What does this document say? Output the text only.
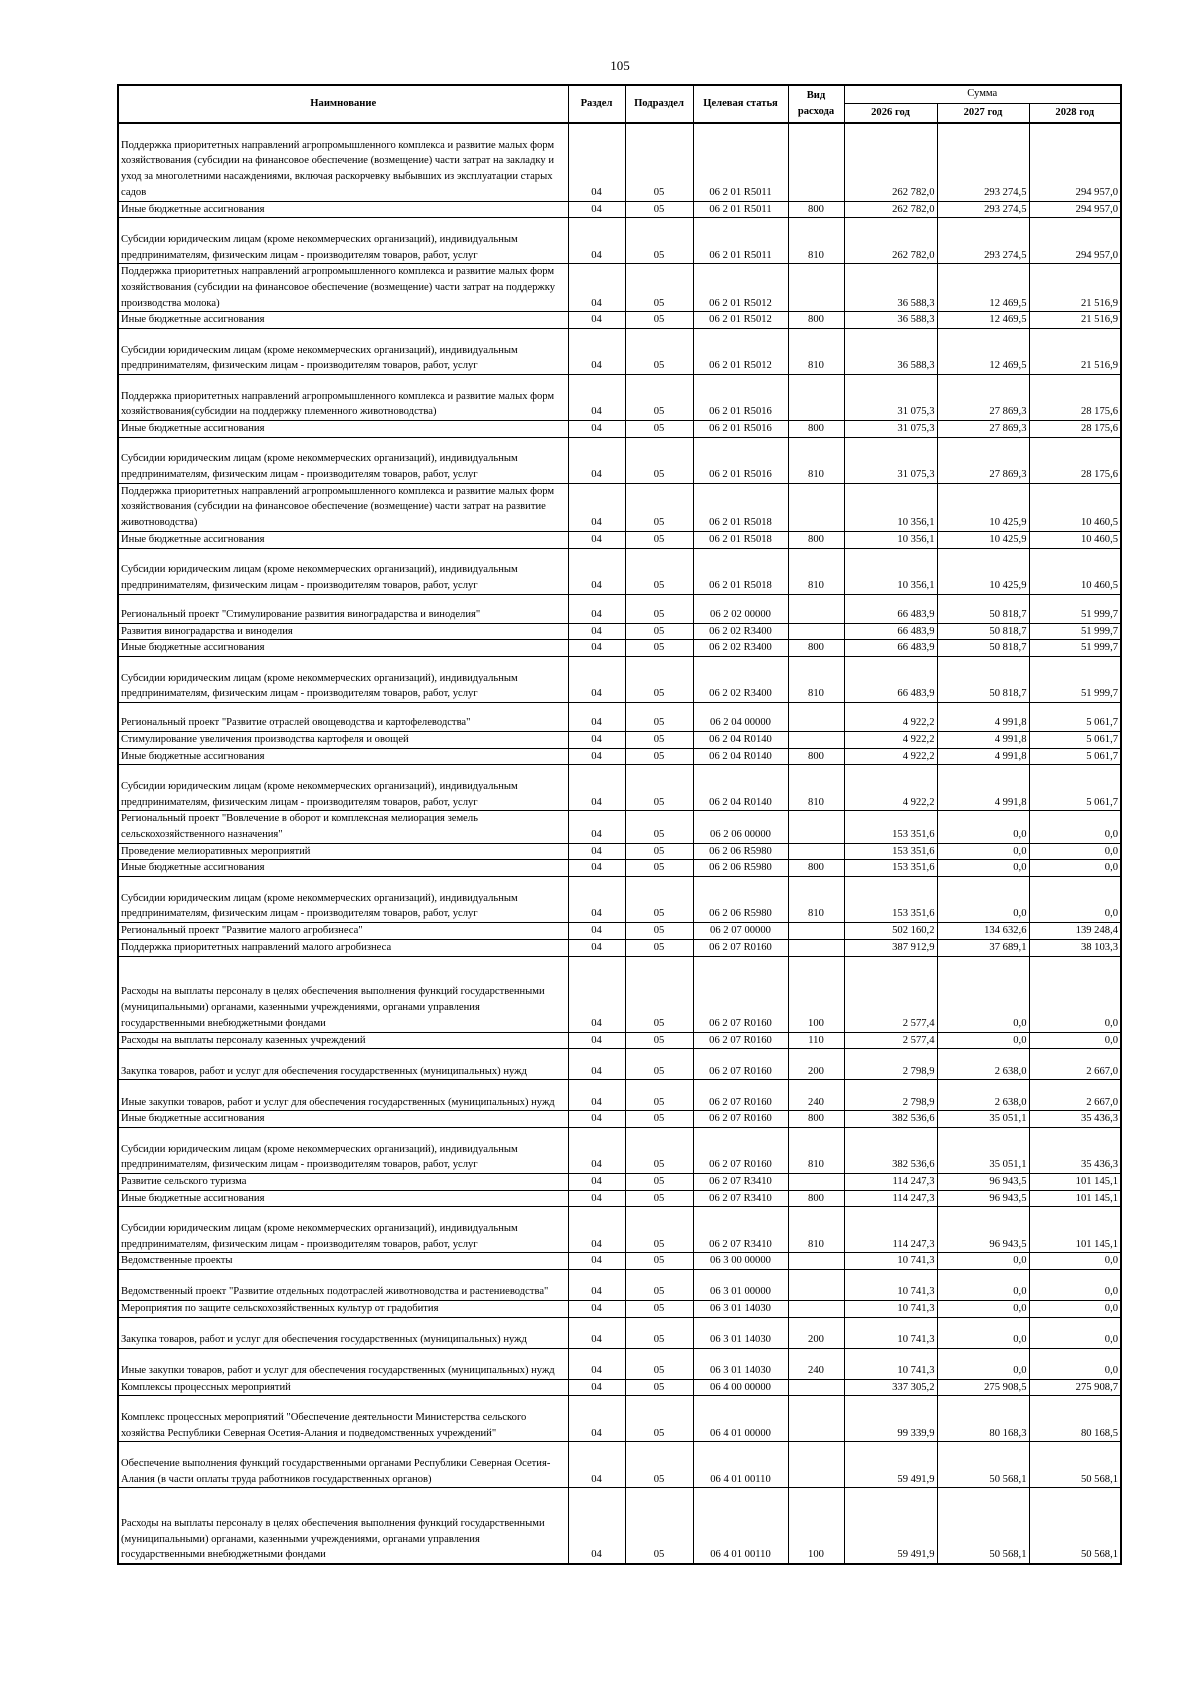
105
Наимнование	Раздел	Подраздел	Целевая статья	Вид расхода	Сумма		
					2026 год	2027 год	2028 год
Поддержка приоритетных направлений агропромышленного комплекса и развитие малых форм хозяйствования (субсидии на финансовое обеспечение (возмещение) части затрат на закладку и уход за многолетними насаждениями, включая раскорчевку выбывших из эксплуатации старых садов	04	05	06 2 01 R5011		262 782,0	293 274,5	294 957,0
Иные бюджетные ассигнования	04	05	06 2 01 R5011	800	262 782,0	293 274,5	294 957,0
Субсидии юридическим лицам (кроме некоммерческих организаций), индивидуальным предпринимателям, физическим лицам - производителям товаров, работ, услуг	04	05	06 2 01 R5011	810	262 782,0	293 274,5	294 957,0
Поддержка приоритетных направлений агропромышленного комплекса и развитие малых форм хозяйствования (субсидии на финансовое обеспечение (возмещение) части затрат на поддержку производства молока)	04	05	06 2 01 R5012		36 588,3	12 469,5	21 516,9
Иные бюджетные ассигнования	04	05	06 2 01 R5012	800	36 588,3	12 469,5	21 516,9
Субсидии юридическим лицам (кроме некоммерческих организаций), индивидуальным предпринимателям, физическим лицам - производителям товаров, работ, услуг	04	05	06 2 01 R5012	810	36 588,3	12 469,5	21 516,9
Поддержка приоритетных направлений агропромышленного комплекса и развитие малых форм хозяйствования(субсидии на поддержку племенного животноводства)	04	05	06 2 01 R5016		31 075,3	27 869,3	28 175,6
Иные бюджетные ассигнования	04	05	06 2 01 R5016	800	31 075,3	27 869,3	28 175,6
Субсидии юридическим лицам (кроме некоммерческих организаций), индивидуальным предпринимателям, физическим лицам - производителям товаров, работ, услуг	04	05	06 2 01 R5016	810	31 075,3	27 869,3	28 175,6
Поддержка приоритетных направлений агропромышленного комплекса и развитие малых форм хозяйствования (субсидии на финансовое обеспечение (возмещение) части затрат на развитие животноводства)	04	05	06 2 01 R5018		10 356,1	10 425,9	10 460,5
Иные бюджетные ассигнования	04	05	06 2 01 R5018	800	10 356,1	10 425,9	10 460,5
Субсидии юридическим лицам (кроме некоммерческих организаций), индивидуальным предпринимателям, физическим лицам - производителям товаров, работ, услуг	04	05	06 2 01 R5018	810	10 356,1	10 425,9	10 460,5
Региональный проект "Стимулирование развития виноградарства и виноделия"	04	05	06 2 02 00000		66 483,9	50 818,7	51 999,7
Развития виноградарства и виноделия	04	05	06 2 02 R3400		66 483,9	50 818,7	51 999,7
Иные бюджетные ассигнования	04	05	06 2 02 R3400	800	66 483,9	50 818,7	51 999,7
Субсидии юридическим лицам (кроме некоммерческих организаций), индивидуальным предпринимателям, физическим лицам - производителям товаров, работ, услуг	04	05	06 2 02 R3400	810	66 483,9	50 818,7	51 999,7
Региональный проект "Развитие отраслей овощеводства и картофелеводства"	04	05	06 2 04 00000		4 922,2	4 991,8	5 061,7
Стимулирование увеличения производства картофеля и овощей	04	05	06 2 04 R0140		4 922,2	4 991,8	5 061,7
Иные бюджетные ассигнования	04	05	06 2 04 R0140	800	4 922,2	4 991,8	5 061,7
Субсидии юридическим лицам (кроме некоммерческих организаций), индивидуальным предпринимателям, физическим лицам - производителям товаров, работ, услуг	04	05	06 2 04 R0140	810	4 922,2	4 991,8	5 061,7
Региональный проект "Вовлечение в оборот и комплексная мелиорация земель сельскохозяйственного назначения"	04	05	06 2 06 00000		153 351,6	0,0	0,0
Проведение мелиоративных мероприятий	04	05	06 2 06 R5980		153 351,6	0,0	0,0
Иные бюджетные ассигнования	04	05	06 2 06 R5980	800	153 351,6	0,0	0,0
Субсидии юридическим лицам (кроме некоммерческих организаций), индивидуальным предпринимателям, физическим лицам - производителям товаров, работ, услуг	04	05	06 2 06 R5980	810	153 351,6	0,0	0,0
Региональный проект "Развитие малого агробизнеса"	04	05	06 2 07 00000		502 160,2	134 632,6	139 248,4
Поддержка приоритетных направлений малого агробизнеса	04	05	06 2 07 R0160		387 912,9	37 689,1	38 103,3
Расходы на выплаты персоналу в целях обеспечения выполнения функций государственными (муниципальными) органами, казенными учреждениями, органами управления государственными внебюджетными фондами	04	05	06 2 07 R0160	100	2 577,4	0,0	0,0
Расходы на выплаты персоналу казенных учреждений	04	05	06 2 07 R0160	110	2 577,4	0,0	0,0
Закупка товаров, работ и услуг для обеспечения государственных (муниципальных) нужд	04	05	06 2 07 R0160	200	2 798,9	2 638,0	2 667,0
Иные закупки товаров, работ и услуг для обеспечения государственных (муниципальных) нужд	04	05	06 2 07 R0160	240	2 798,9	2 638,0	2 667,0
Иные бюджетные ассигнования	04	05	06 2 07 R0160	800	382 536,6	35 051,1	35 436,3
Субсидии юридическим лицам (кроме некоммерческих организаций), индивидуальным предпринимателям, физическим лицам - производителям товаров, работ, услуг	04	05	06 2 07 R0160	810	382 536,6	35 051,1	35 436,3
Развитие сельского туризма	04	05	06 2 07 R3410		114 247,3	96 943,5	101 145,1
Иные бюджетные ассигнования	04	05	06 2 07 R3410	800	114 247,3	96 943,5	101 145,1
Субсидии юридическим лицам (кроме некоммерческих организаций), индивидуальным предпринимателям, физическим лицам - производителям товаров, работ, услуг	04	05	06 2 07 R3410	810	114 247,3	96 943,5	101 145,1
Ведомственные проекты	04	05	06 3 00 00000		10 741,3	0,0	0,0
Ведомственный проект "Развитие отдельных подотраслей животноводства и растениеводства"	04	05	06 3 01 00000		10 741,3	0,0	0,0
Мероприятия по защите сельскохозяйственных культур от градобития	04	05	06 3 01 14030		10 741,3	0,0	0,0
Закупка товаров, работ и услуг для обеспечения государственных (муниципальных) нужд	04	05	06 3 01 14030	200	10 741,3	0,0	0,0
Иные закупки товаров, работ и услуг для обеспечения государственных (муниципальных) нужд	04	05	06 3 01 14030	240	10 741,3	0,0	0,0
Комплексы процессных мероприятий	04	05	06 4 00 00000		337 305,2	275 908,5	275 908,7
Комплекс процессных мероприятий "Обеспечение деятельности Министерства сельского хозяйства Республики Северная Осетия-Алания и подведомственных учреждений"	04	05	06 4 01 00000		99 339,9	80 168,3	80 168,5
Обеспечение выполнения функций государственными органами Республики Северная Осетия-Алания (в части оплаты труда работников государственных органов)	04	05	06 4 01 00110		59 491,9	50 568,1	50 568,1
Расходы на выплаты персоналу в целях обеспечения выполнения функций государственными (муниципальными) органами, казенными учреждениями, органами управления государственными внебюджетными фондами	04	05	06 4 01 00110	100	59 491,9	50 568,1	50 568,1
